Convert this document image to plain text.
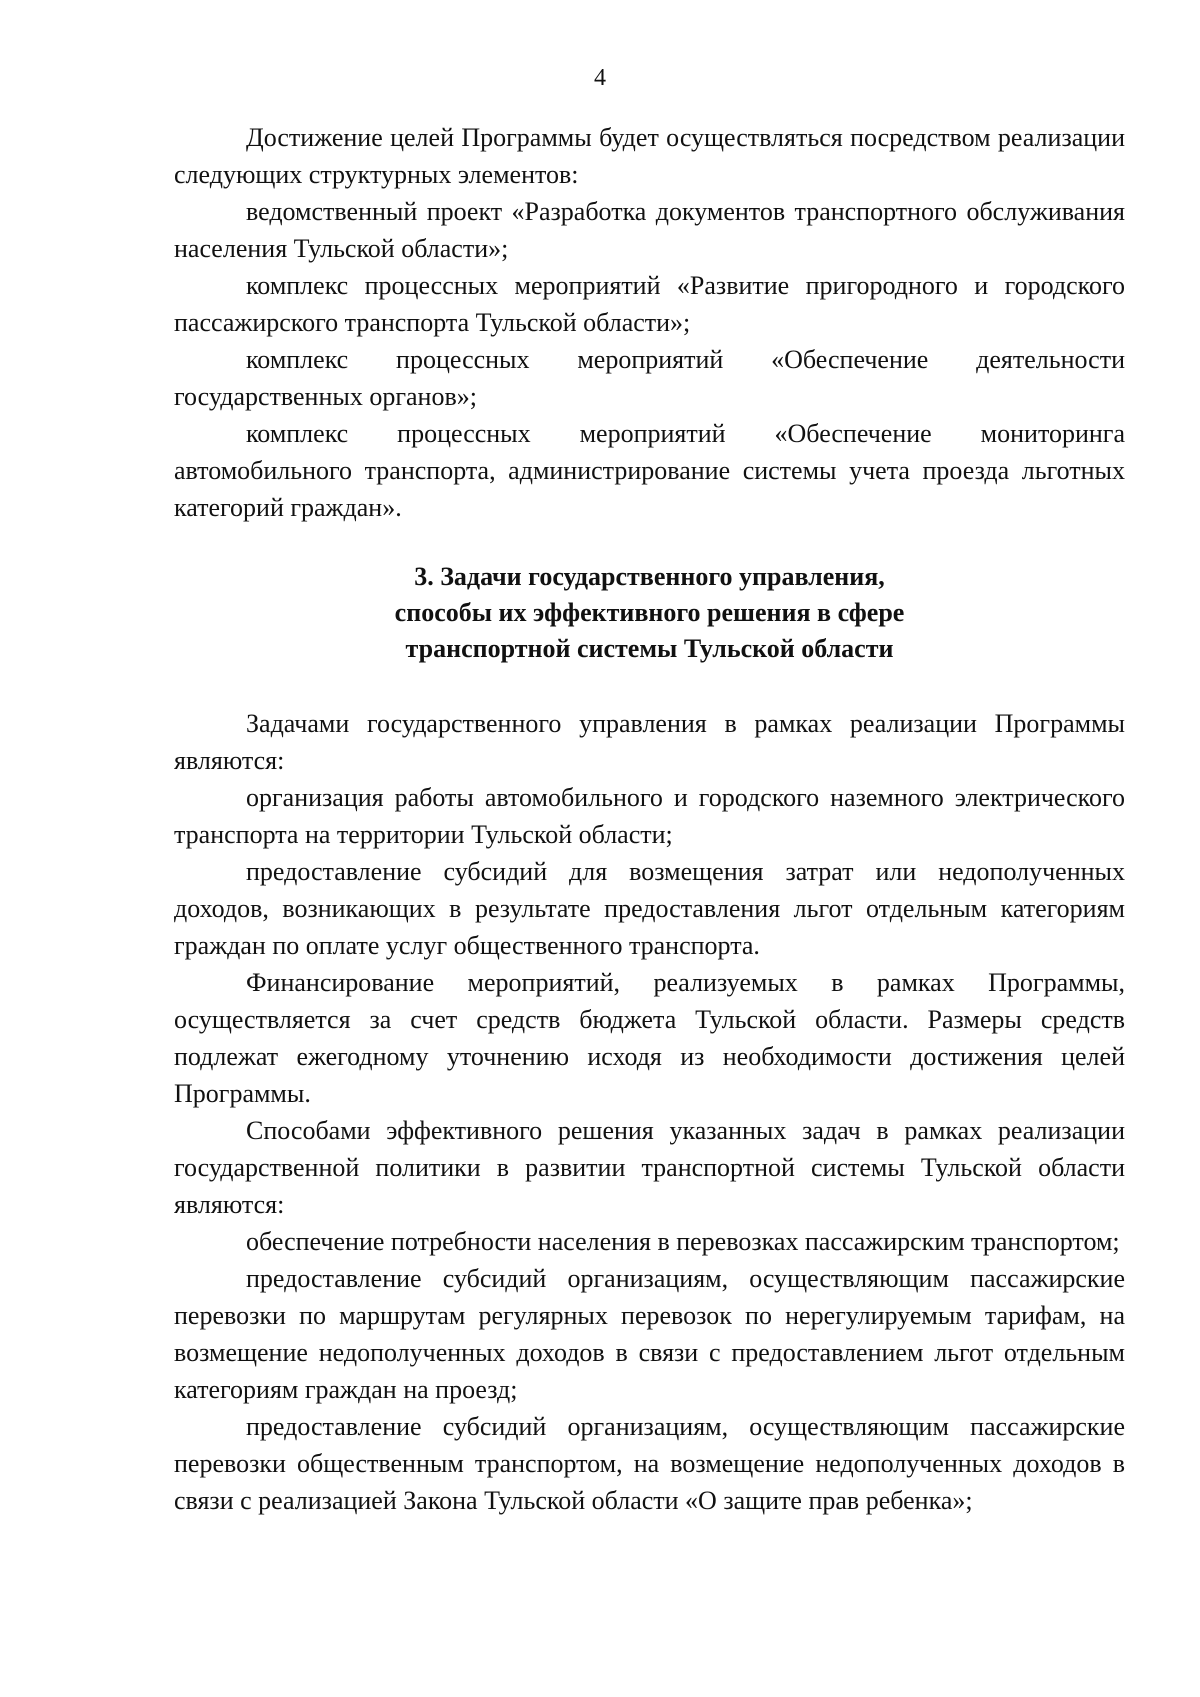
4

Достижение целей Программы будет осуществляться посредством реализации следующих структурных элементов:

ведомственный проект «Разработка документов транспортного обслуживания населения Тульской области»;

комплекс процессных мероприятий «Развитие пригородного и городского пассажирского транспорта Тульской области»;

комплекс процессных мероприятий «Обеспечение деятельности государственных органов»;

комплекс процессных мероприятий «Обеспечение мониторинга автомобильного транспорта, администрирование системы учета проезда льготных категорий граждан».

3. Задачи государственного управления,
способы их эффективного решения в сфере
транспортной системы Тульской области

Задачами государственного управления в рамках реализации Программы являются:

организация работы автомобильного и городского наземного электрического транспорта на территории Тульской области;

предоставление субсидий для возмещения затрат или недополученных доходов, возникающих в результате предоставления льгот отдельным категориям граждан по оплате услуг общественного транспорта.

Финансирование мероприятий, реализуемых в рамках Программы, осуществляется за счет средств бюджета Тульской области. Размеры средств подлежат ежегодному уточнению исходя из необходимости достижения целей Программы.

Способами эффективного решения указанных задач в рамках реализации государственной политики в развитии транспортной системы Тульской области являются:

обеспечение потребности населения в перевозках пассажирским транспортом;

предоставление субсидий организациям, осуществляющим пассажирские перевозки по маршрутам регулярных перевозок по нерегулируемым тарифам, на возмещение недополученных доходов в связи с предоставлением льгот отдельным категориям граждан на проезд;

предоставление субсидий организациям, осуществляющим пассажирские перевозки общественным транспортом, на возмещение недополученных доходов в связи с реализацией Закона Тульской области «О защите прав ребенка»;
